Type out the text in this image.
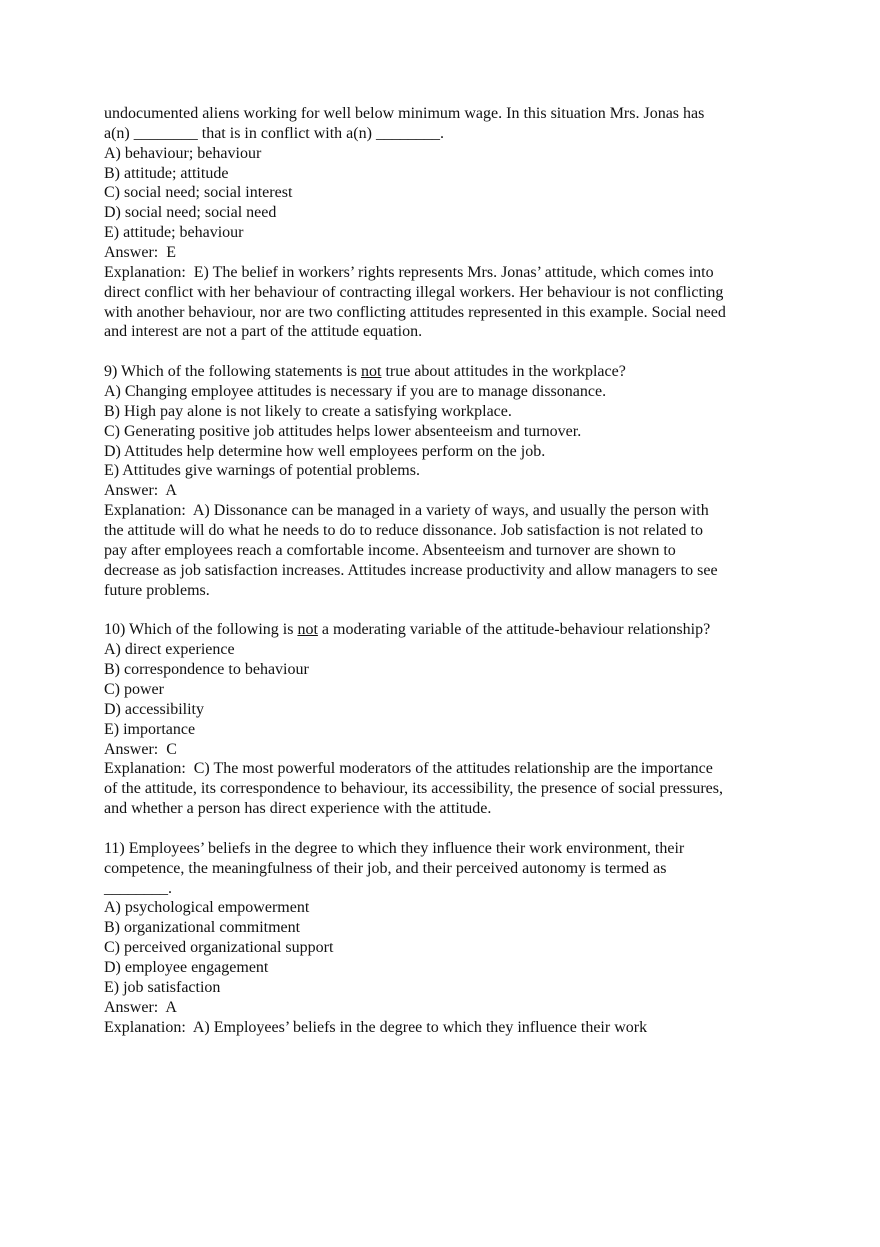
undocumented aliens working for well below minimum wage. In this situation Mrs. Jonas has
a(n) ________ that is in conflict with a(n) ________.
A) behaviour; behaviour
B) attitude; attitude
C) social need; social interest
D) social need; social need
E) attitude; behaviour
Answer:  E
Explanation:  E) The belief in workers’ rights represents Mrs. Jonas’ attitude, which comes into
direct conflict with her behaviour of contracting illegal workers. Her behaviour is not conflicting
with another behaviour, nor are two conflicting attitudes represented in this example. Social need
and interest are not a part of the attitude equation.
9) Which of the following statements is not true about attitudes in the workplace?
A) Changing employee attitudes is necessary if you are to manage dissonance.
B) High pay alone is not likely to create a satisfying workplace.
C) Generating positive job attitudes helps lower absenteeism and turnover.
D) Attitudes help determine how well employees perform on the job.
E) Attitudes give warnings of potential problems.
Answer:  A
Explanation:  A) Dissonance can be managed in a variety of ways, and usually the person with
the attitude will do what he needs to do to reduce dissonance. Job satisfaction is not related to
pay after employees reach a comfortable income. Absenteeism and turnover are shown to
decrease as job satisfaction increases. Attitudes increase productivity and allow managers to see
future problems.
10) Which of the following is not a moderating variable of the attitude-behaviour relationship?
A) direct experience
B) correspondence to behaviour
C) power
D) accessibility
E) importance
Answer:  C
Explanation:  C) The most powerful moderators of the attitudes relationship are the importance
of the attitude, its correspondence to behaviour, its accessibility, the presence of social pressures,
and whether a person has direct experience with the attitude.
11) Employees’ beliefs in the degree to which they influence their work environment, their
competence, the meaningfulness of their job, and their perceived autonomy is termed as
________.
A) psychological empowerment
B) organizational commitment
C) perceived organizational support
D) employee engagement
E) job satisfaction
Answer:  A
Explanation:  A) Employees’ beliefs in the degree to which they influence their work
